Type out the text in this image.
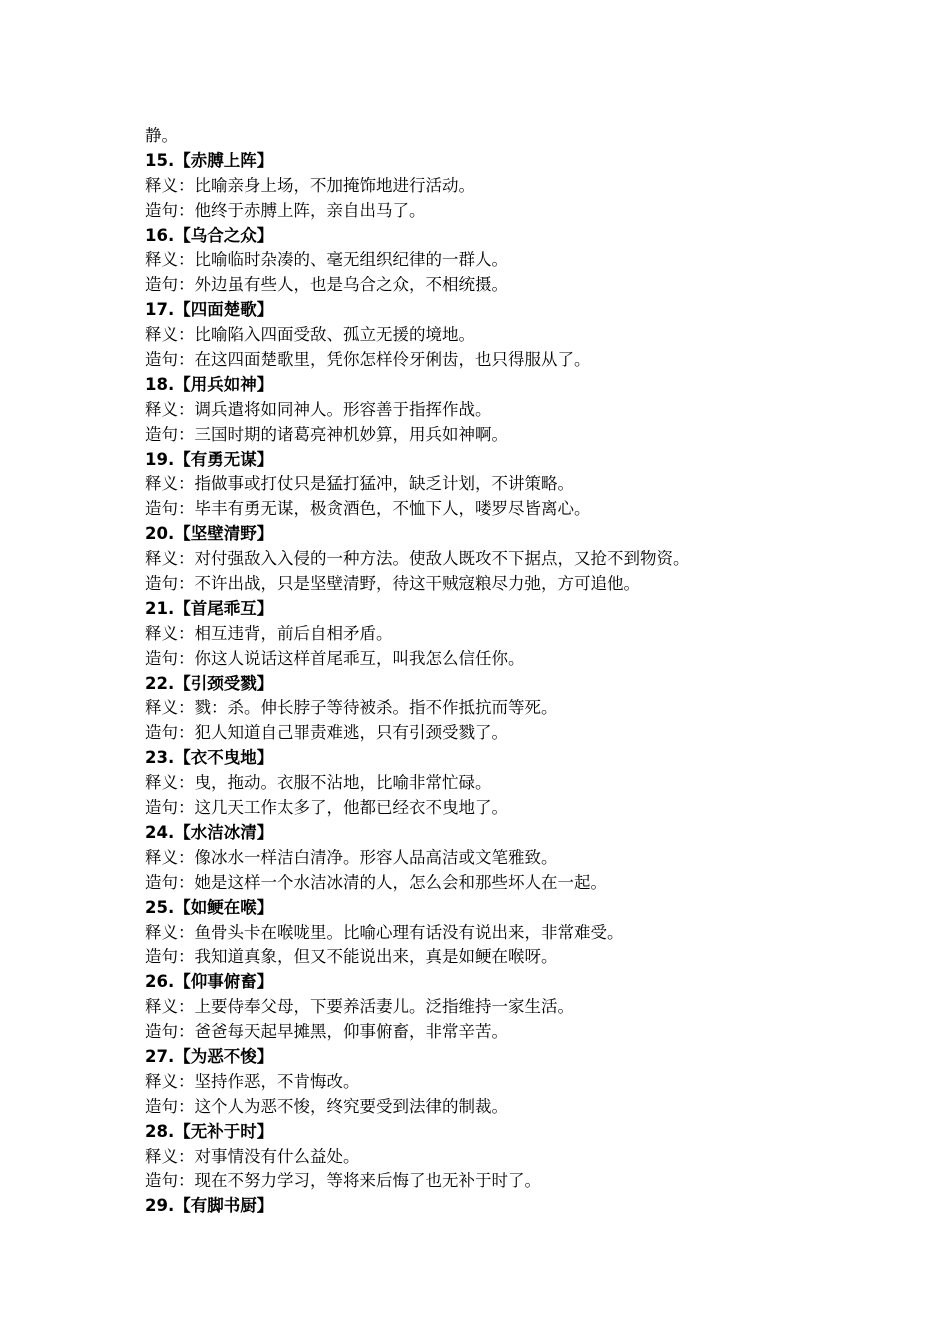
静。
15.【赤膊上阵】
释义：比喻亲身上场，不加掩饰地进行活动。
造句：他终于赤膊上阵，亲自出马了。
16.【乌合之众】
释义：比喻临时杂凑的、毫无组织纪律的一群人。
造句：外边虽有些人，也是乌合之众，不相统摄。
17.【四面楚歌】
释义：比喻陷入四面受敌、孤立无援的境地。
造句：在这四面楚歌里，凭你怎样伶牙俐齿，也只得服从了。
18.【用兵如神】
释义：调兵遣将如同神人。形容善于指挥作战。
造句：三国时期的诸葛亮神机妙算，用兵如神啊。
19.【有勇无谋】
释义：指做事或打仗只是猛打猛冲，缺乏计划，不讲策略。
造句：毕丰有勇无谋，极贪酒色，不恤下人，喽罗尽皆离心。
20.【坚壁清野】
释义：对付强敌入入侵的一种方法。使敌人既攻不下据点，又抢不到物资。
造句：不许出战，只是坚壁清野，待这干贼寇粮尽力弛，方可追他。
21.【首尾乖互】
释义：相互违背，前后自相矛盾。
造句：你这人说话这样首尾乖互，叫我怎么信任你。
22.【引颈受戮】
释义：戮：杀。伸长脖子等待被杀。指不作抵抗而等死。
造句：犯人知道自己罪责难逃，只有引颈受戮了。
23.【衣不曳地】
释义：曳，拖动。衣服不沾地，比喻非常忙碌。
造句：这几天工作太多了，他都已经衣不曳地了。
24.【水洁冰清】
释义：像冰水一样洁白清净。形容人品高洁或文笔雅致。
造句：她是这样一个水洁冰清的人，怎么会和那些坏人在一起。
25.【如鲠在喉】
释义：鱼骨头卡在喉咙里。比喻心理有话没有说出来，非常难受。
造句：我知道真象，但又不能说出来，真是如鲠在喉呀。
26.【仰事俯畜】
释义：上要侍奉父母，下要养活妻儿。泛指维持一家生活。
造句：爸爸每天起早摊黑，仰事俯畜，非常辛苦。
27.【为恶不悛】
释义：坚持作恶，不肯悔改。
造句：这个人为恶不悛，终究要受到法律的制裁。
28.【无补于时】
释义：对事情没有什么益处。
造句：现在不努力学习，等将来后悔了也无补于时了。
29.【有脚书厨】
